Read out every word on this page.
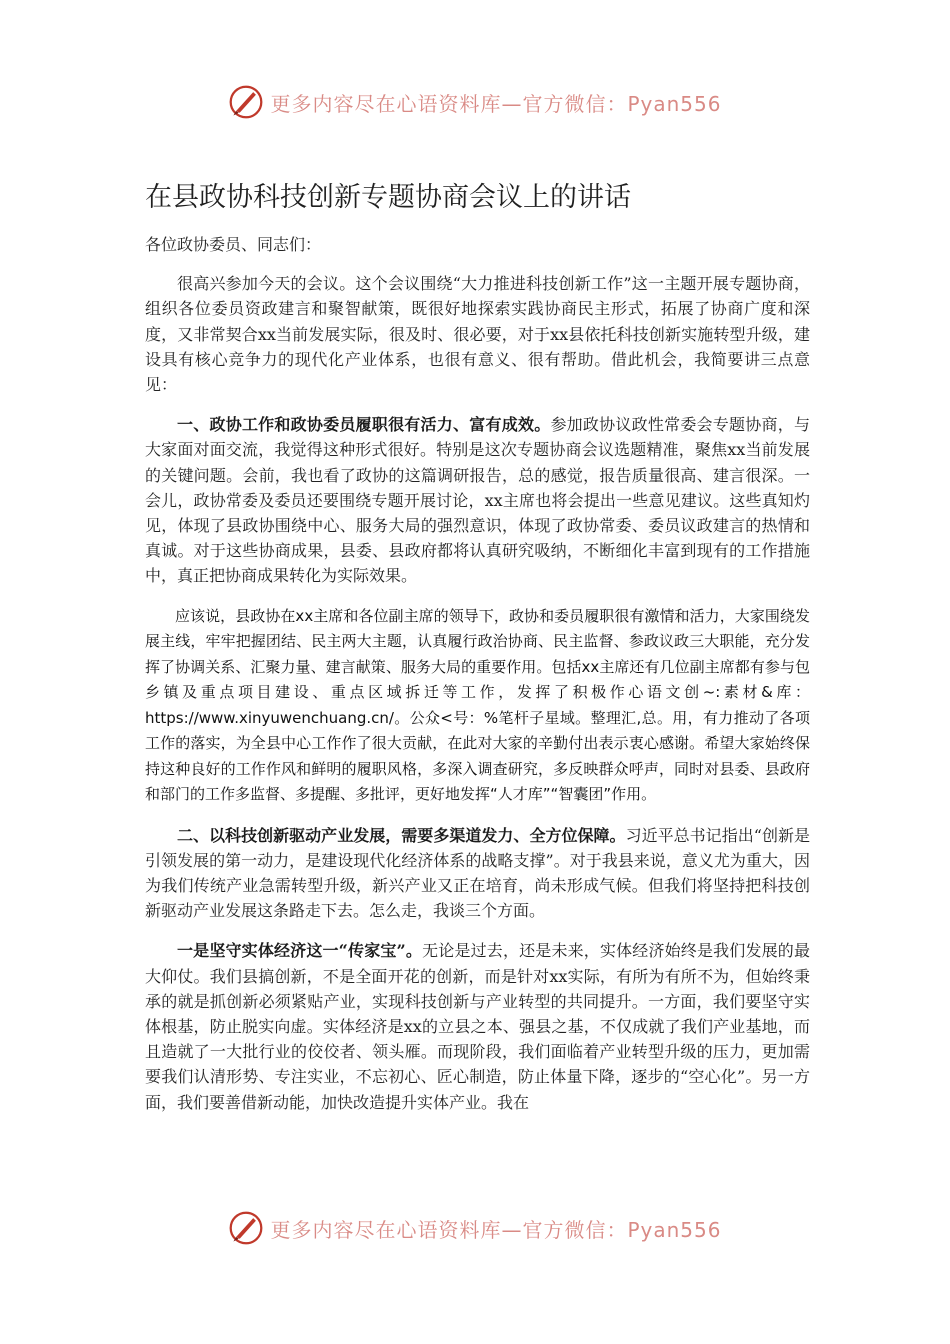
更多内容尽在心语资料库—官方微信：Pyan556
在县政协科技创新专题协商会议上的讲话

各位政协委员、同志们：

很高兴参加今天的会议。这个会议围绕“大力推进科技创新工作”这一主题开展专题协商，组织各位委员资政建言和聚智献策，既很好地探索实践协商民主形式，拓展了协商广度和深度，又非常契合xx当前发展实际，很及时、很必要，对于xx县依托科技创新实施转型升级，建设具有核心竞争力的现代化产业体系，也很有意义、很有帮助。借此机会，我简要讲三点意见：

一、政协工作和政协委员履职很有活力、富有成效。参加政协议政性常委会专题协商，与大家面对面交流，我觉得这种形式很好。特别是这次专题协商会议选题精准，聚焦xx当前发展的关键问题。会前，我也看了政协的这篇调研报告，总的感觉，报告质量很高、建言很深。一会儿，政协常委及委员还要围绕专题开展讨论，xx主席也将会提出一些意见建议。这些真知灼见，体现了县政协围绕中心、服务大局的强烈意识，体现了政协常委、委员议政建言的热情和真诚。对于这些协商成果，县委、县政府都将认真研究吸纳，不断细化丰富到现有的工作措施中，真正把协商成果转化为实际效果。

应该说，县政协在xx主席和各位副主席的领导下，政协和委员履职很有激情和活力，大家围绕发展主线，牢牢把握团结、民主两大主题，认真履行政治协商、民主监督、参政议政三大职能，充分发挥了协调关系、汇聚力量、建言献策、服务大局的重要作用。包括xx主席还有几位副主席都有参与包乡镇及重点项目建设、重点区域拆迁等工作，发挥了积极作心语文创~:素材&库：https://www.xinyuwenchuang.cn/。公众<号：%笔杆子星域。整理汇,总。用，有力推动了各项工作的落实，为全县中心工作作了很大贡献，在此对大家的辛勤付出表示衷心感谢。希望大家始终保持这种良好的工作作风和鲜明的履职风格，多深入调查研究，多反映群众呼声，同时对县委、县政府和部门的工作多监督、多提醒、多批评，更好地发挥“人才库”“智囊团”作用。

二、以科技创新驱动产业发展，需要多渠道发力、全方位保障。习近平总书记指出“创新是引领发展的第一动力，是建设现代化经济体系的战略支撑”。对于我县来说，意义尤为重大，因为我们传统产业急需转型升级，新兴产业又正在培育，尚未形成气候。但我们将坚持把科技创新驱动产业发展这条路走下去。怎么走，我谈三个方面。

一是坚守实体经济这一“传家宝”。无论是过去，还是未来，实体经济始终是我们发展的最大仰仗。我们县搞创新，不是全面开花的创新，而是针对xx实际，有所为有所不为，但始终秉承的就是抓创新必须紧贴产业，实现科技创新与产业转型的共同提升。一方面，我们要坚守实体根基，防止脱实向虚。实体经济是xx的立县之本、强县之基，不仅成就了我们产业基地，而且造就了一大批行业的佼佼者、领头雁。而现阶段，我们面临着产业转型升级的压力，更加需要我们认清形势、专注实业，不忘初心、匠心制造，防止体量下降，逐步的“空心化”。另一方面，我们要善借新动能，加快改造提升实体产业。我在

更多内容尽在心语资料库—官方微信：Pyan556
